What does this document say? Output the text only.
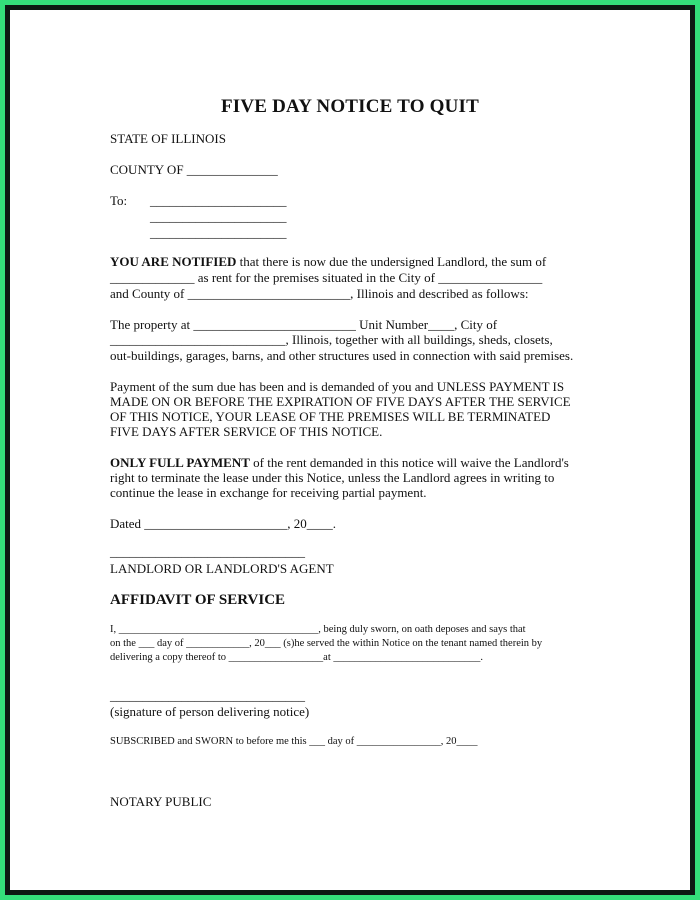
FIVE DAY NOTICE TO QUIT
STATE OF ILLINOIS
COUNTY OF ______________
To: _____________________
_____________________
_____________________
YOU ARE NOTIFIED that there is now due the undersigned Landlord, the sum of
_____________ as rent for the premises situated in the City of ________________
and County of _________________________, Illinois and described as follows:
The property at _________________________ Unit Number____, City of
___________________________, Illinois, together with all buildings, sheds, closets,
out-buildings, garages, barns, and other structures used in connection with said premises.
Payment of the sum due has been and is demanded of you and UNLESS PAYMENT IS
MADE ON OR BEFORE THE EXPIRATION OF FIVE DAYS AFTER THE SERVICE
OF THIS NOTICE, YOUR LEASE OF THE PREMISES WILL BE TERMINATED
FIVE DAYS AFTER SERVICE OF THIS NOTICE.
ONLY FULL PAYMENT of the rent demanded in this notice will waive the Landlord's
right to terminate the lease under this Notice, unless the Landlord agrees in writing to
continue the lease in exchange for receiving partial payment.
Dated ______________________, 20____.
______________________________
LANDLORD OR LANDLORD'S AGENT
AFFIDAVIT OF SERVICE
I, ______________________________________, being duly sworn, on oath deposes and says that
on the ___ day of ____________, 20___ (s)he served the within Notice on the tenant named therein by
delivering a copy thereof to __________________at ____________________________.
______________________________
(signature of person delivering notice)
SUBSCRIBED and SWORN to before me this ___ day of ________________, 20____
NOTARY PUBLIC
